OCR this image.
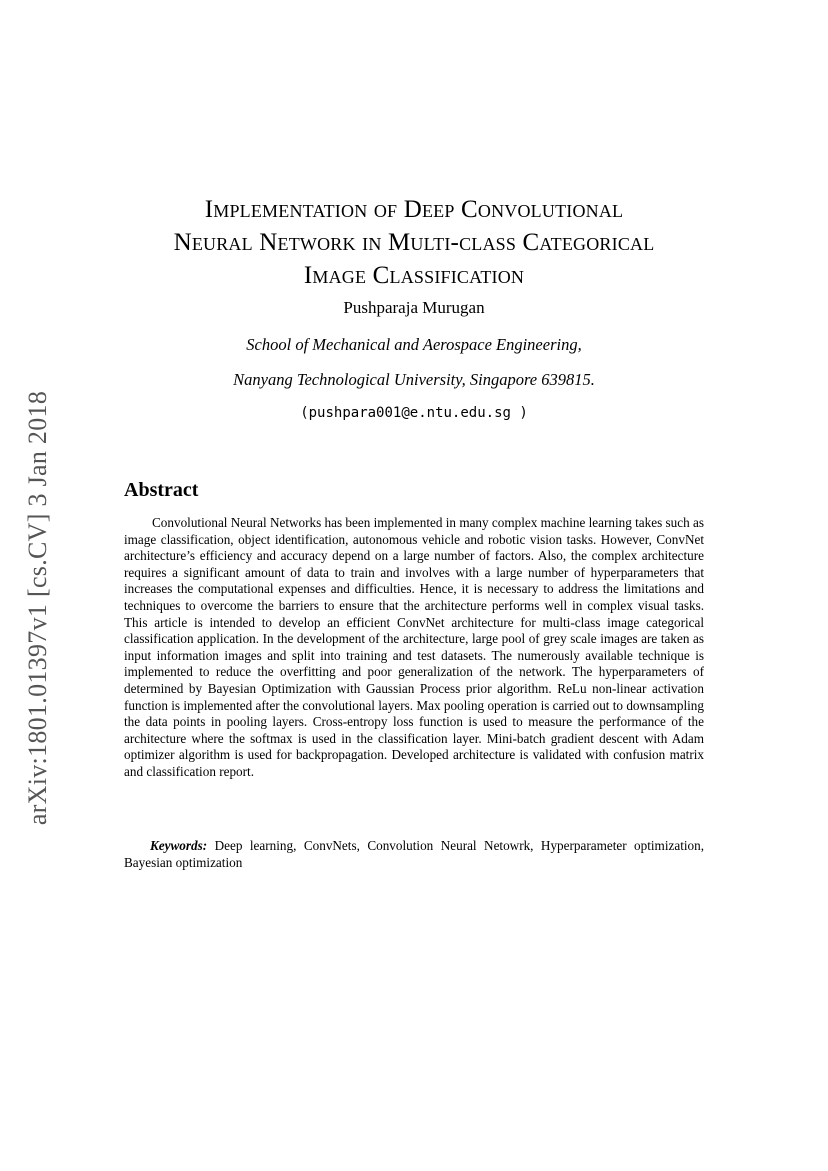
arXiv:1801.01397v1 [cs.CV] 3 Jan 2018
Implementation of Deep Convolutional
Neural Network in Multi-class Categorical
Image Classification
Pushparaja Murugan
School of Mechanical and Aerospace Engineering,
Nanyang Technological University, Singapore 639815.
(pushpara001@e.ntu.edu.sg )
Abstract
Convolutional Neural Networks has been implemented in many complex machine learning takes such as image classification, object identification, autonomous vehicle and robotic vision tasks. However, ConvNet architecture’s efficiency and accuracy depend on a large number of factors. Also, the complex architecture requires a significant amount of data to train and involves with a large number of hyperparameters that increases the computational expenses and difficulties. Hence, it is necessary to address the limitations and techniques to overcome the barriers to ensure that the architecture performs well in complex visual tasks. This article is intended to develop an efficient ConvNet architecture for multi-class image categorical classification application. In the development of the architecture, large pool of grey scale images are taken as input information images and split into training and test datasets. The numerously available technique is implemented to reduce the overfitting and poor generalization of the network. The hyperparameters of determined by Bayesian Optimization with Gaussian Process prior algorithm. ReLu non-linear activation function is implemented after the convolutional layers. Max pooling operation is carried out to downsampling the data points in pooling layers. Cross-entropy loss function is used to measure the performance of the architecture where the softmax is used in the classification layer. Mini-batch gradient descent with Adam optimizer algorithm is used for backpropagation. Developed architecture is validated with confusion matrix and classification report.
Keywords: Deep learning, ConvNets, Convolution Neural Netowrk, Hyperparameter optimization, Bayesian optimization
